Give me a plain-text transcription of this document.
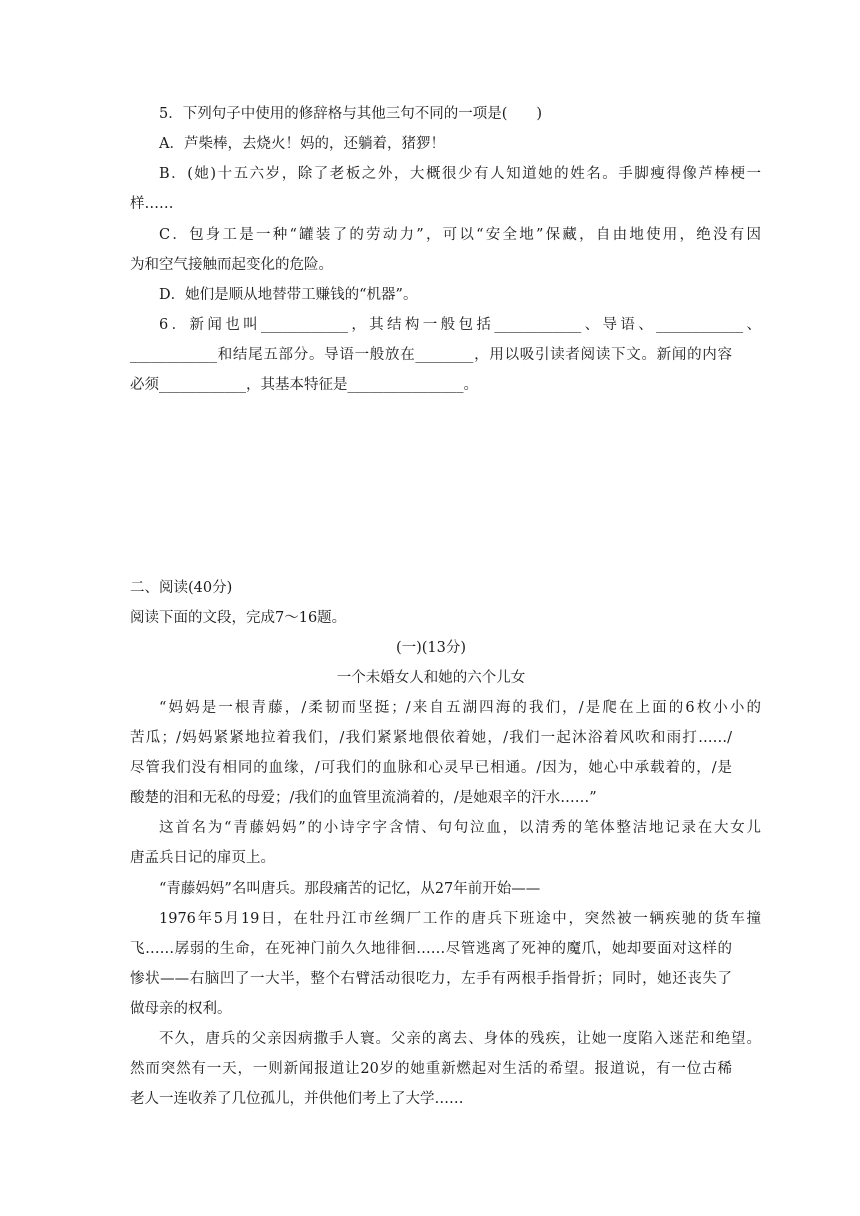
5．下列句子中使用的修辞格与其他三句不同的一项是(　　)
A．芦柴棒，去烧火！妈的，还躺着，猪猡！
B．(她)十五六岁，除了老板之外，大概很少有人知道她的姓名。手脚瘦得像芦棒梗一
样……
C．包身工是一种“罐装了的劳动力”，可以“安全地”保藏，自由地使用，绝没有因
为和空气接触而起变化的危险。
D．她们是顺从地替带工赚钱的“机器”。
6．新闻也叫____________，其结构一般包括____________、导语、____________、
____________和结尾五部分。导语一般放在________，用以吸引读者阅读下文。新闻的内容
必须____________，其基本特征是________________。
二、阅读(40分)
阅读下面的文段，完成7～16题。
(一)(13分)
一个未婚女人和她的六个儿女
“妈妈是一根青藤，/柔韧而坚挺；/来自五湖四海的我们，/是爬在上面的6枚小小的
苦瓜；/妈妈紧紧地拉着我们，/我们紧紧地偎依着她，/我们一起沐浴着风吹和雨打……/
尽管我们没有相同的血缘，/可我们的血脉和心灵早已相通。/因为，她心中承载着的，/是
酸楚的泪和无私的母爱；/我们的血管里流淌着的，/是她艰辛的汗水……”
这首名为“青藤妈妈”的小诗字字含情、句句泣血，以清秀的笔体整洁地记录在大女儿
唐孟兵日记的扉页上。
“青藤妈妈”名叫唐兵。那段痛苦的记忆，从27年前开始——
1976年5月19日，在牡丹江市丝绸厂工作的唐兵下班途中，突然被一辆疾驰的货车撞
飞……孱弱的生命，在死神门前久久地徘徊……尽管逃离了死神的魔爪，她却要面对这样的
惨状——右脑凹了一大半，整个右臂活动很吃力，左手有两根手指骨折；同时，她还丧失了
做母亲的权利。
不久，唐兵的父亲因病撒手人寰。父亲的离去、身体的残疾，让她一度陷入迷茫和绝望。
然而突然有一天，一则新闻报道让20岁的她重新燃起对生活的希望。报道说，有一位古稀
老人一连收养了几位孤儿，并供他们考上了大学……
